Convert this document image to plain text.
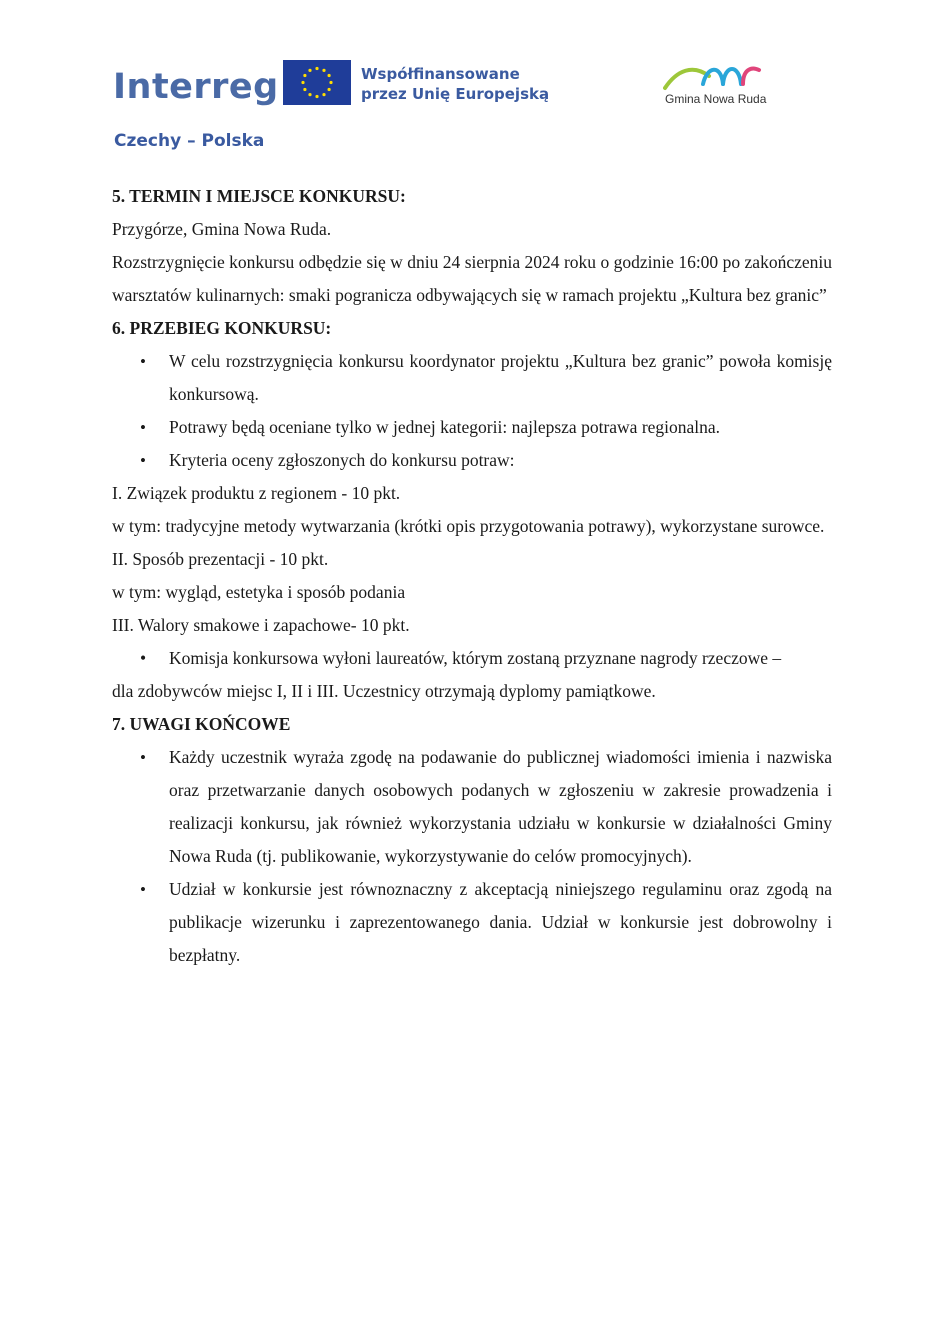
Interreg	Współfinansowane
przez Unię Europejską
Czechy – Polska
Gmina Nowa Ruda

5. TERMIN I MIEJSCE KONKURSU:

Przygórze, Gmina Nowa Ruda.

Rozstrzygnięcie konkursu odbędzie się w dniu 24 sierpnia 2024 roku o godzinie 16:00 po zakończeniu warsztatów kulinarnych: smaki pogranicza odbywających się w ramach projektu „Kultura bez granic”

6. PRZEBIEG KONKURSU:

• W celu rozstrzygnięcia konkursu koordynator projektu „Kultura bez granic” powoła komisję konkursową.
• Potrawy będą oceniane tylko w jednej kategorii: najlepsza potrawa regionalna.
• Kryteria oceny zgłoszonych do konkursu potraw:

I. Związek produktu z regionem - 10 pkt.

w tym: tradycyjne metody wytwarzania (krótki opis przygotowania potrawy), wykorzystane surowce.

II. Sposób prezentacji - 10 pkt.

w tym: wygląd, estetyka i sposób podania

III. Walory smakowe i zapachowe- 10 pkt.

• Komisja konkursowa wyłoni laureatów, którym zostaną przyznane nagrody rzeczowe –

dla zdobywców miejsc I, II i III. Uczestnicy otrzymają dyplomy pamiątkowe.

7. UWAGI KOŃCOWE

• Każdy uczestnik wyraża zgodę na podawanie do publicznej wiadomości imienia i nazwiska oraz przetwarzanie danych osobowych podanych w zgłoszeniu w zakresie prowadzenia i realizacji konkursu, jak również wykorzystania udziału w konkursie w działalności Gminy Nowa Ruda (tj. publikowanie, wykorzystywanie do celów promocyjnych).
• Udział w konkursie jest równoznaczny z akceptacją niniejszego regulaminu oraz zgodą na publikacje wizerunku i zaprezentowanego dania. Udział w konkursie jest dobrowolny i bezpłatny.
